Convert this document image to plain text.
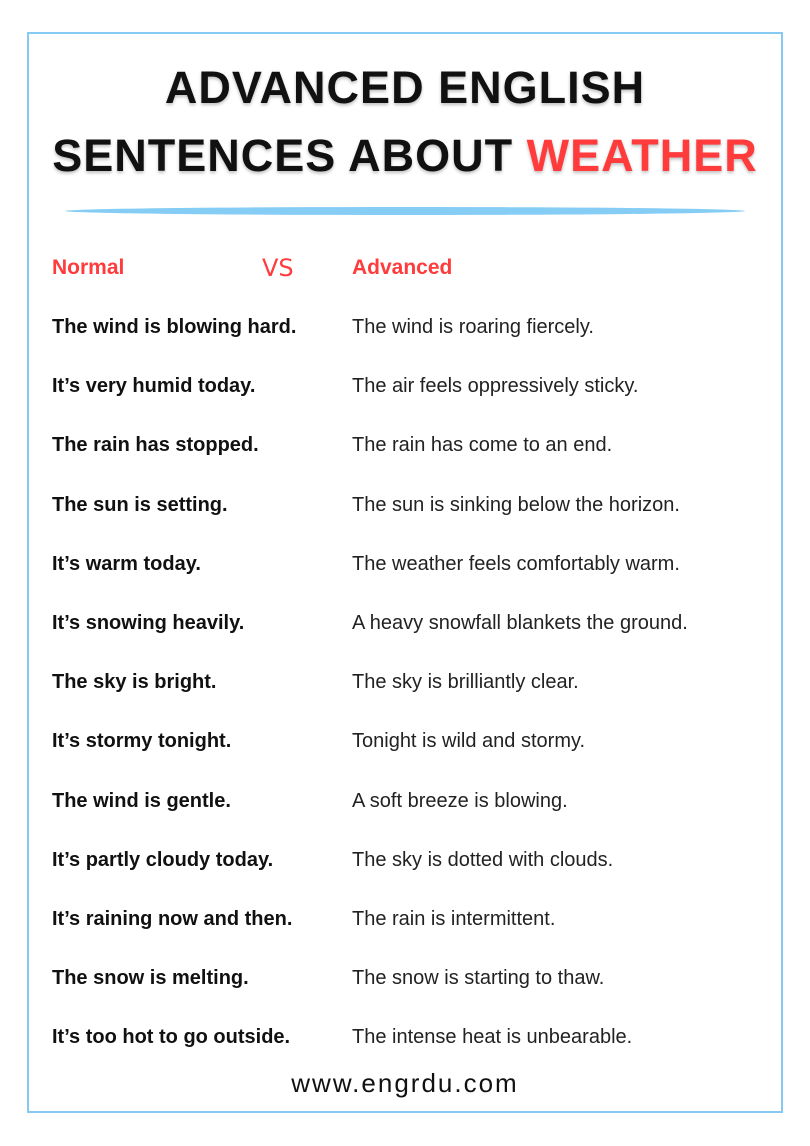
ADVANCED ENGLISH
SENTENCES ABOUT WEATHER
Normal	VS	Advanced
The wind is blowing hard.	The wind is roaring fiercely.
It’s very humid today.	The air feels oppressively sticky.
The rain has stopped.	The rain has come to an end.
The sun is setting.	The sun is sinking below the horizon.
It’s warm today.	The weather feels comfortably warm.
It’s snowing heavily.	A heavy snowfall blankets the ground.
The sky is bright.	The sky is brilliantly clear.
It’s stormy tonight.	Tonight is wild and stormy.
The wind is gentle.	A soft breeze is blowing.
It’s partly cloudy today.	The sky is dotted with clouds.
It’s raining now and then.	The rain is intermittent.
The snow is melting.	The snow is starting to thaw.
It’s too hot to go outside.	The intense heat is unbearable.
www.engrdu.com
